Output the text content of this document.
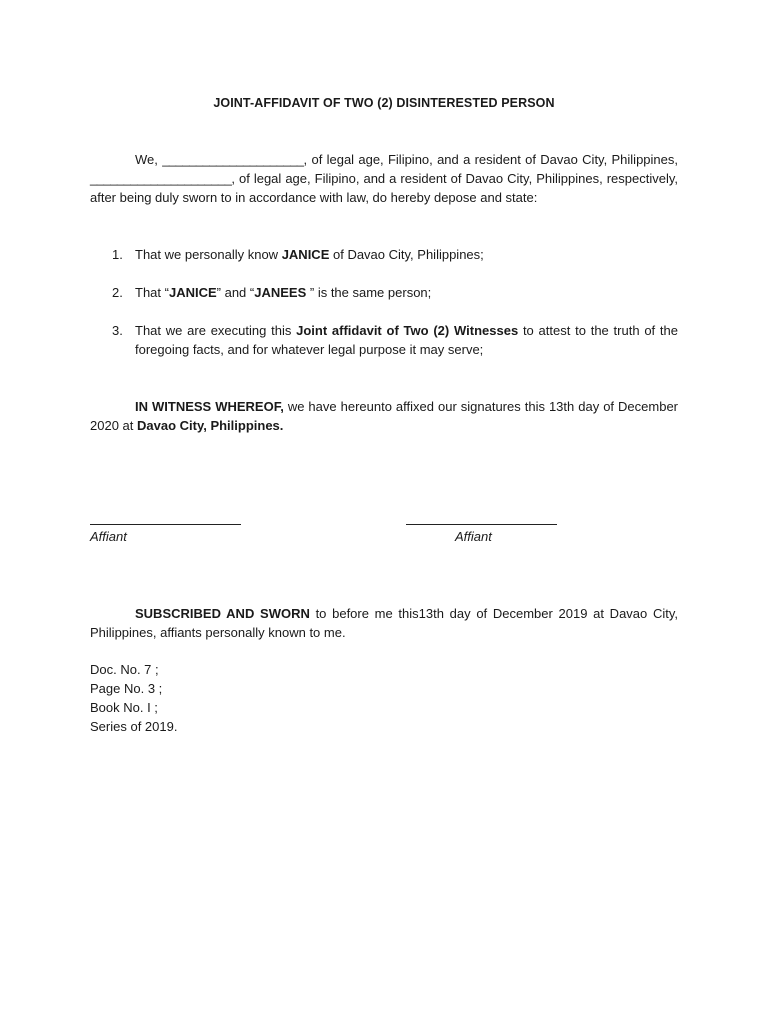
JOINT-AFFIDAVIT OF TWO (2) DISINTERESTED PERSON
We, _____________________, of legal age, Filipino, and a resident of Davao City, Philippines, _____________________, of legal age, Filipino, and a resident of Davao City, Philippines, respectively, after being duly sworn to in accordance with law, do hereby depose and state:
1. That we personally know JANICE of Davao City, Philippines;
2. That “JANICE” and “JANEES ” is the same person;
3. That we are executing this Joint affidavit of Two (2) Witnesses to attest to the truth of the foregoing facts, and for whatever legal purpose it may serve;
IN WITNESS WHEREOF, we have hereunto affixed our signatures this 13th day of December 2020 at Davao City, Philippines.
Affiant	Affiant
SUBSCRIBED AND SWORN to before me this13th day of December 2019 at Davao City, Philippines, affiants personally known to me.
Doc. No. 7 ;
Page No. 3 ;
Book No. I ;
Series of 2019.
